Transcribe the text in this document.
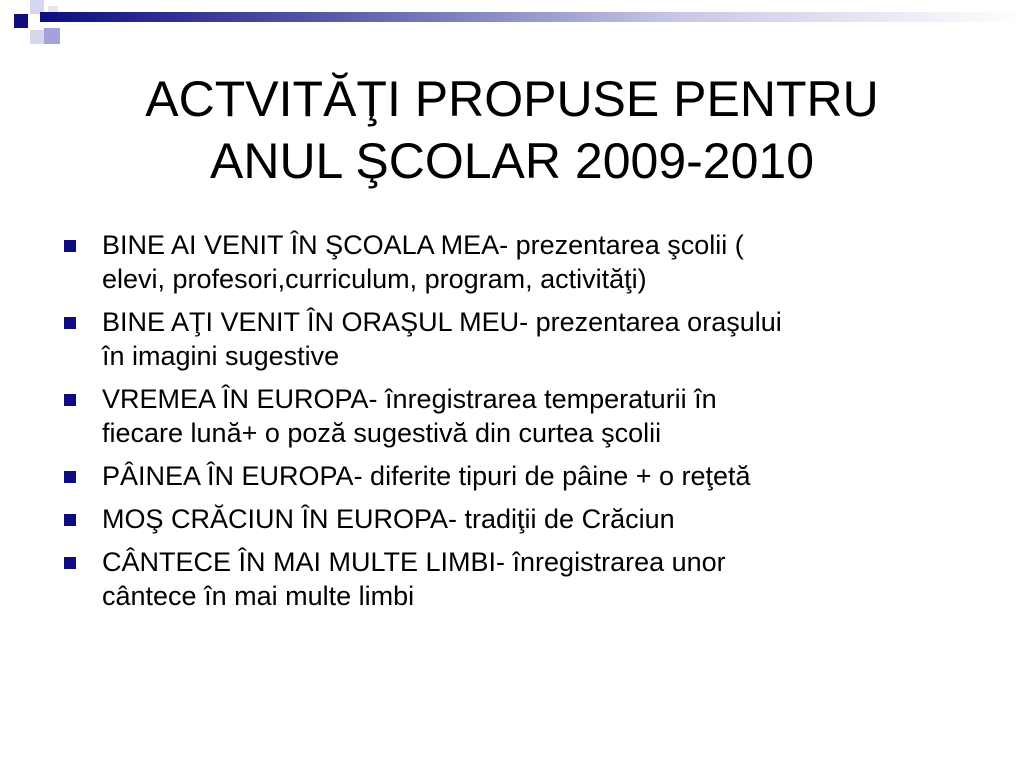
ACTVITĂŢI PROPUSE PENTRU
ANUL ŞCOLAR 2009-2010
BINE AI VENIT ÎN ŞCOALA MEA- prezentarea şcolii (
elevi, profesori,curriculum, program, activităţi)
BINE AŢI VENIT ÎN ORAŞUL MEU- prezentarea oraşului
în imagini sugestive
VREMEA ÎN EUROPA- înregistrarea temperaturii în
fiecare lună+ o poză sugestivă din curtea şcolii
PÂINEA ÎN EUROPA- diferite tipuri de pâine + o reţetă
MOŞ CRĂCIUN ÎN EUROPA- tradiţii de Crăciun
CÂNTECE ÎN MAI MULTE LIMBI- înregistrarea unor
cântece în mai multe limbi
